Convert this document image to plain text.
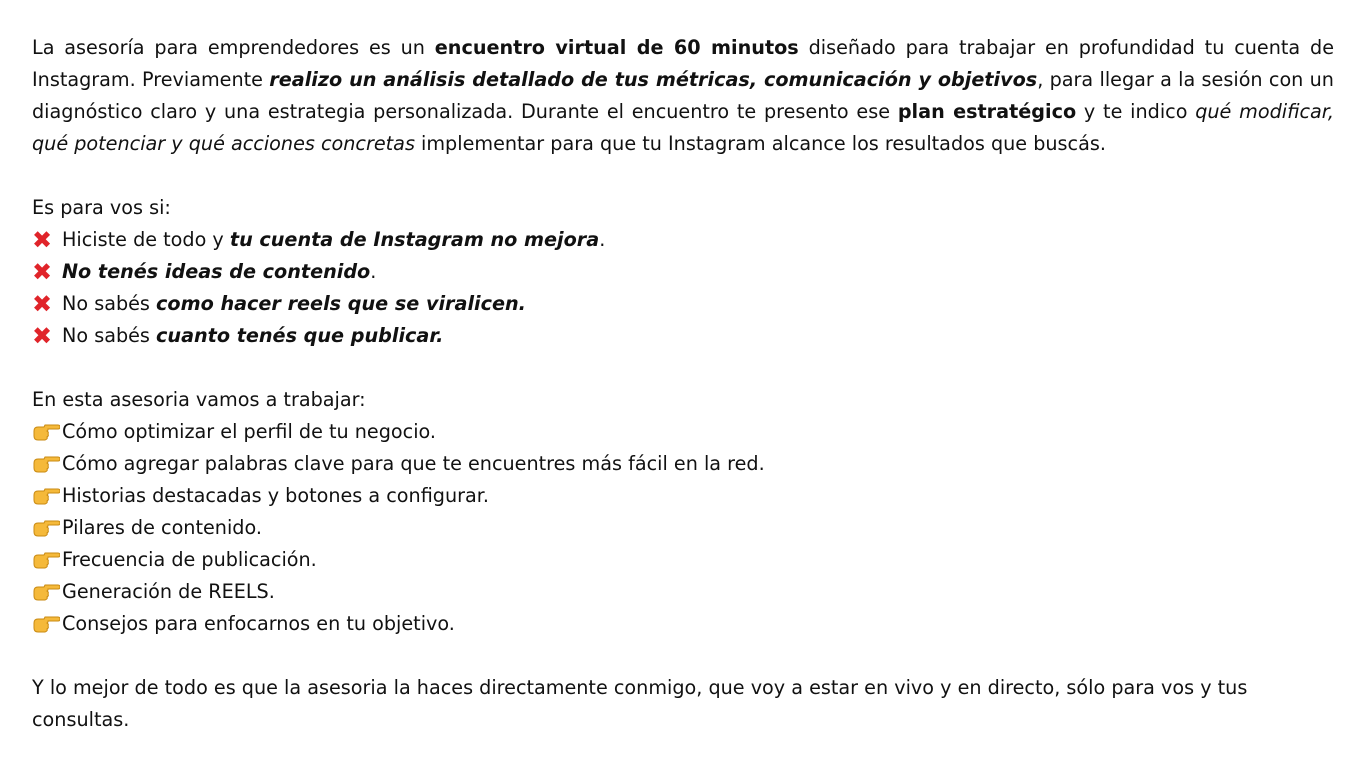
La asesoría para emprendedores es un encuentro virtual de 60 minutos diseñado para trabajar en profundidad tu cuenta de Instagram. Previamente realizo un análisis detallado de tus métricas, comunicación y objetivos, para llegar a la sesión con un diagnóstico claro y una estrategia personalizada. Durante el encuentro te presento ese plan estratégico y te indico qué modificar, qué potenciar y qué acciones concretas implementar para que tu Instagram alcance los resultados que buscás.

Es para vos si:

✖ Hiciste de todo y tu cuenta de Instagram no mejora.
✖ No tenés ideas de contenido.
✖ No sabés como hacer reels que se viralicen.
✖ No sabés cuanto tenés que publicar.

En esta asesoria vamos a trabajar:

Cómo optimizar el perfil de tu negocio.
Cómo agregar palabras clave para que te encuentres más fácil en la red.
Historias destacadas y botones a configurar.
Pilares de contenido.
Frecuencia de publicación.
Generación de REELS.
Consejos para enfocarnos en tu objetivo.

Y lo mejor de todo es que la asesoria la haces directamente conmigo, que voy a estar en vivo y en directo, sólo para vos y tus consultas.
